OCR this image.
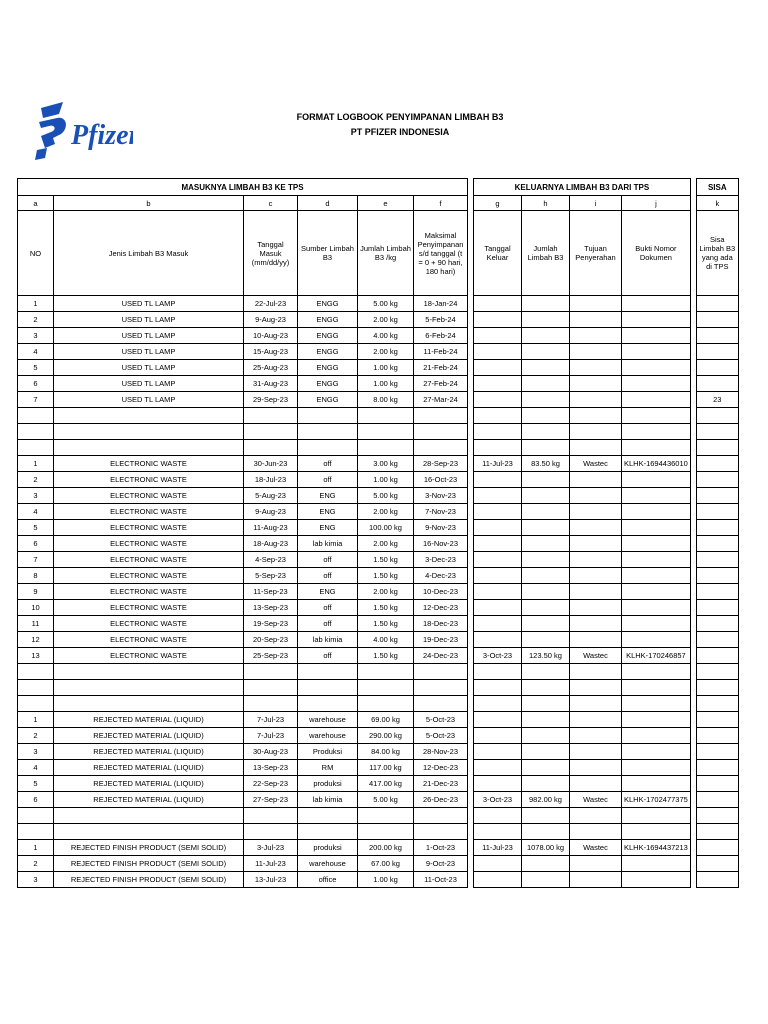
Pfizer
FORMAT LOGBOOK PENYIMPANAN LIMBAH B3
PT PFIZER INDONESIA
MASUKNYA LIMBAH B3 KE TPS							KELUARNYA LIMBAH B3 DARI TPS					SISA
a	b	c	d	e	f		g	h	i	j		k
NO	Jenis Limbah B3 Masuk	Tanggal Masuk (mm/dd/yy)	Sumber Limbah B3	Jumlah Limbah B3 /kg	Maksimal Penyimpanan s/d tanggal (t = 0 + 90 hari, 180 hari)		Tanggal Keluar	Jumlah Limbah B3	Tujuan Penyerahan	Bukti Nomor Dokumen		Sisa Limbah B3 yang ada di TPS
1	USED TL LAMP	22-Jul-23	ENGG	5.00 kg	18-Jan-24							
2	USED TL LAMP	9-Aug-23	ENGG	2.00 kg	5-Feb-24							
3	USED TL LAMP	10-Aug-23	ENGG	4.00 kg	6-Feb-24							
4	USED TL LAMP	15-Aug-23	ENGG	2.00 kg	11-Feb-24							
5	USED TL LAMP	25-Aug-23	ENGG	1.00 kg	21-Feb-24							
6	USED TL LAMP	31-Aug-23	ENGG	1.00 kg	27-Feb-24							
7	USED TL LAMP	29-Sep-23	ENGG	8.00 kg	27-Mar-24							23

1	ELECTRONIC WASTE	30-Jun-23	off	3.00 kg	28-Sep-23		11-Jul-23	83.50 kg	Wastec	KLHK-1694436010		
2	ELECTRONIC WASTE	18-Jul-23	off	1.00 kg	16-Oct-23							
3	ELECTRONIC WASTE	5-Aug-23	ENG	5.00 kg	3-Nov-23							
4	ELECTRONIC WASTE	9-Aug-23	ENG	2.00 kg	7-Nov-23							
5	ELECTRONIC WASTE	11-Aug-23	ENG	100.00 kg	9-Nov-23							
6	ELECTRONIC WASTE	18-Aug-23	lab kimia	2.00 kg	16-Nov-23							
7	ELECTRONIC WASTE	4-Sep-23	off	1.50 kg	3-Dec-23							
8	ELECTRONIC WASTE	5-Sep-23	off	1.50 kg	4-Dec-23							
9	ELECTRONIC WASTE	11-Sep-23	ENG	2.00 kg	10-Dec-23							
10	ELECTRONIC WASTE	13-Sep-23	off	1.50 kg	12-Dec-23							
11	ELECTRONIC WASTE	19-Sep-23	off	1.50 kg	18-Dec-23							
12	ELECTRONIC WASTE	20-Sep-23	lab kimia	4.00 kg	19-Dec-23							
13	ELECTRONIC WASTE	25-Sep-23	off	1.50 kg	24-Dec-23		3-Oct-23	123.50 kg	Wastec	KLHK-170246857		

1	REJECTED MATERIAL (LIQUID)	7-Jul-23	warehouse	69.00 kg	5-Oct-23							
2	REJECTED MATERIAL (LIQUID)	7-Jul-23	warehouse	290.00 kg	5-Oct-23							
3	REJECTED MATERIAL (LIQUID)	30-Aug-23	Produksi	84.00 kg	28-Nov-23							
4	REJECTED MATERIAL (LIQUID)	13-Sep-23	RM	117.00 kg	12-Dec-23							
5	REJECTED MATERIAL (LIQUID)	22-Sep-23	produksi	417.00 kg	21-Dec-23							
6	REJECTED MATERIAL (LIQUID)	27-Sep-23	lab kimia	5.00 kg	26-Dec-23		3-Oct-23	982.00 kg	Wastec	KLHK-1702477375		

1	REJECTED FINISH PRODUCT (SEMI SOLID)	3-Jul-23	produksi	200.00 kg	1-Oct-23		11-Jul-23	1078.00 kg	Wastec	KLHK-1694437213		
2	REJECTED FINISH PRODUCT (SEMI SOLID)	11-Jul-23	warehouse	67.00 kg	9-Oct-23							
3	REJECTED FINISH PRODUCT (SEMI SOLID)	13-Jul-23	office	1.00 kg	11-Oct-23							
